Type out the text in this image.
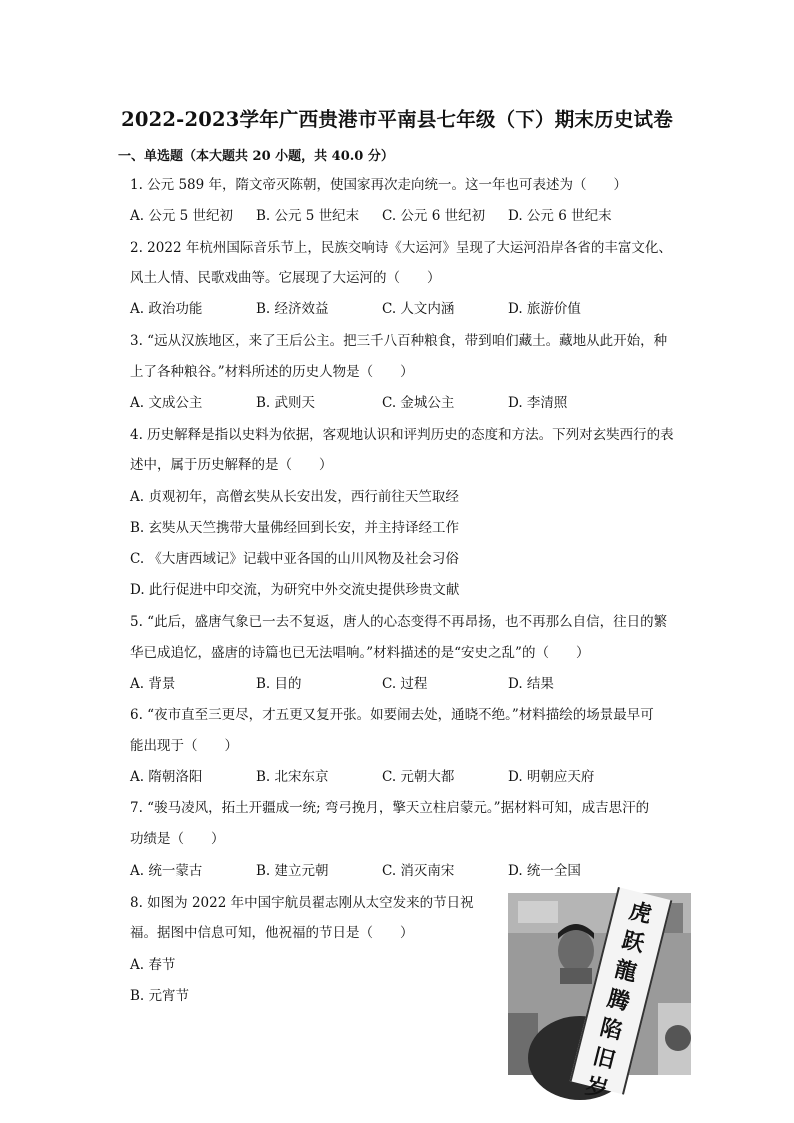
2022-2023学年广西贵港市平南县七年级（下）期末历史试卷
一、单选题（本大题共 20 小题，共 40.0 分）
1. 公元 589 年，隋文帝灭陈朝，使国家再次走向统一。这一年也可表述为（　　）
A. 公元 5 世纪初 B. 公元 5 世纪末 C. 公元 6 世纪初 D. 公元 6 世纪末
2. 2022 年杭州国际音乐节上，民族交响诗《大运河》呈现了大运河沿岸各省的丰富文化、
风土人情、民歌戏曲等。它展现了大运河的（　　）
A. 政治功能	B. 经济效益	C. 人文内涵	D. 旅游价值
3. “远从汉族地区，来了王后公主。把三千八百种粮食，带到咱们藏土。藏地从此开始，种
上了各种粮谷。”材料所述的历史人物是（　　）
A. 文成公主	B. 武则天	C. 金城公主	D. 李清照
4. 历史解释是指以史料为依据，客观地认识和评判历史的态度和方法。下列对玄奘西行的表
述中，属于历史解释的是（　　）
A. 贞观初年，高僧玄奘从长安出发，西行前往天竺取经
B. 玄奘从天竺携带大量佛经回到长安，并主持译经工作
C. 《大唐西域记》记载中亚各国的山川风物及社会习俗
D. 此行促进中印交流，为研究中外交流史提供珍贵文献
5. “此后，盛唐气象已一去不复返，唐人的心态变得不再昂扬，也不再那么自信，往日的繁
华已成追忆，盛唐的诗篇也已无法唱响。”材料描述的是“安史之乱”的（　　）
A. 背景	B. 目的	C. 过程	D. 结果
6. “夜市直至三更尽，才五更又复开张。如要闹去处，通晓不绝。”材料描绘的场景最早可
能出现于（　　）
A. 隋朝洛阳	B. 北宋东京	C. 元朝大都	D. 明朝应天府
7. “骏马凌风，拓土开疆成一统; 弯弓挽月，擎天立柱启蒙元。”据材料可知，成吉思汗的
功绩是（　　）
A. 统一蒙古	B. 建立元朝	C. 消灭南宋	D. 统一全国
8. 如图为 2022 年中国宇航员翟志刚从太空发来的节日祝
福。据图中信息可知，他祝福的节日是（　　）
A. 春节
B. 元宵节
虎
跃
龍
腾
陷
旧
岁
